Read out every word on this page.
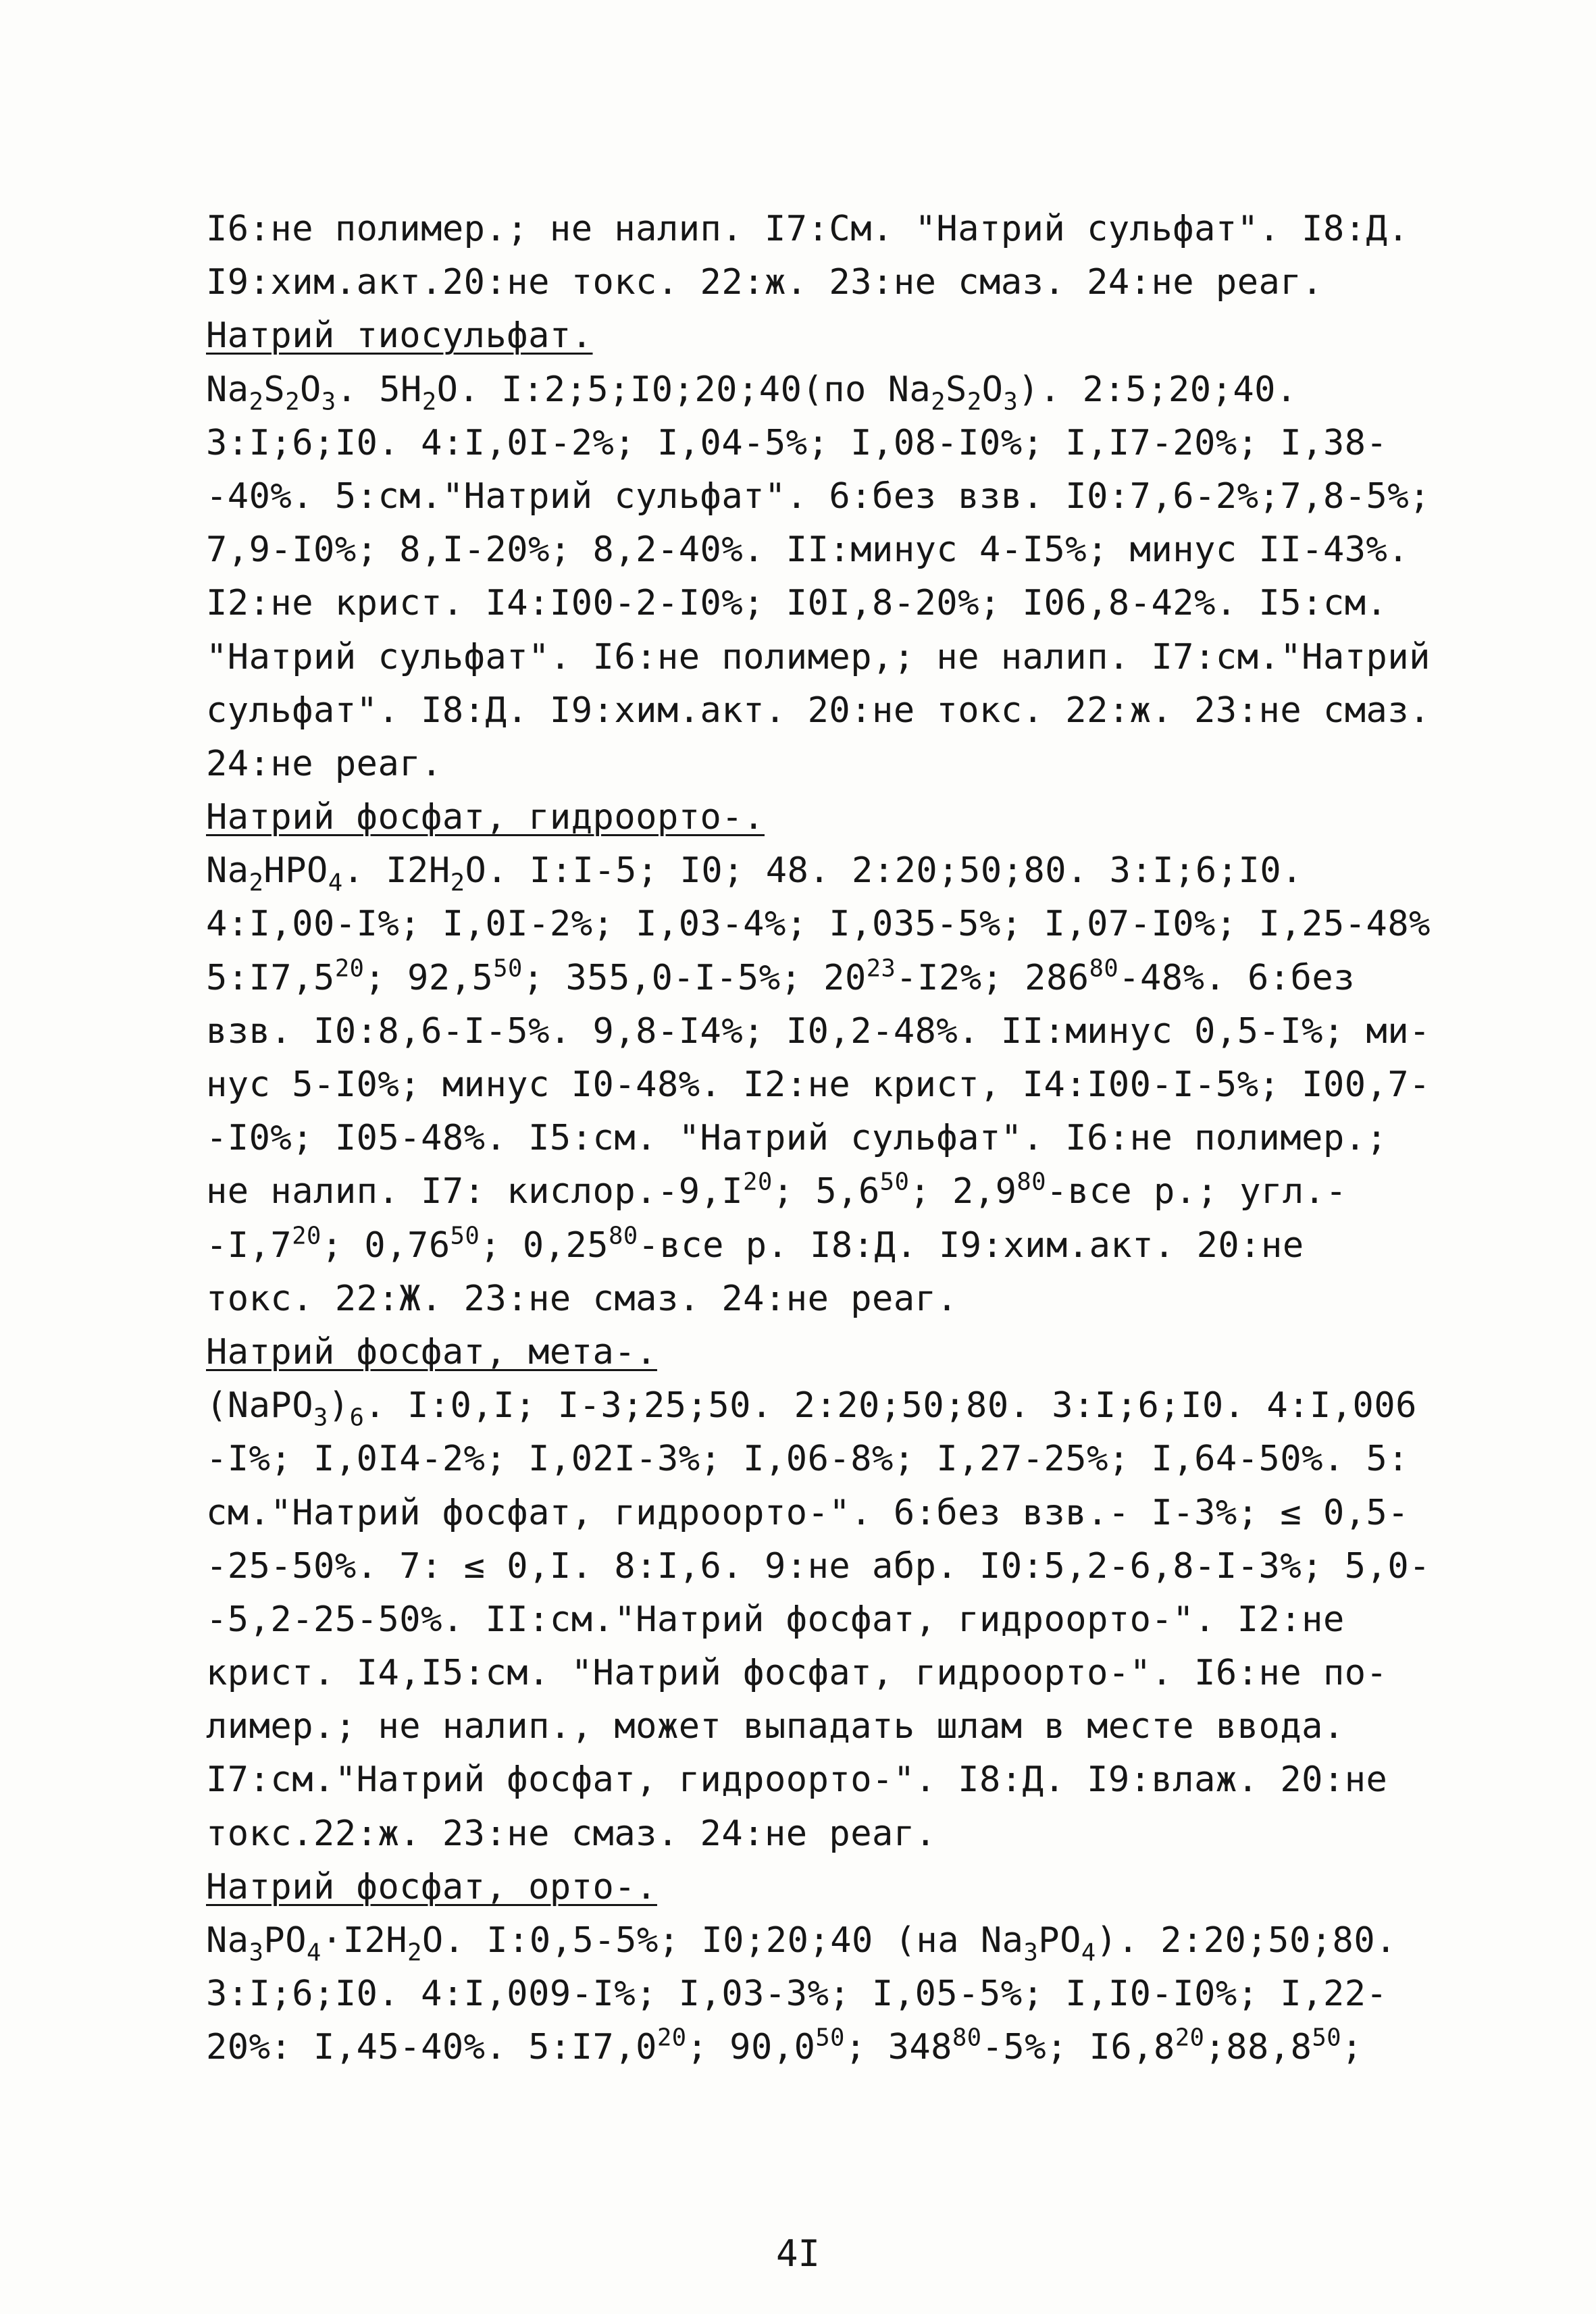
I6:не полимер.; не налип. I7:См. "Натрий сульфат". I8:Д.
I9:хим.акт.20:не токс. 22:ж. 23:не смаз. 24:не реаг.
Натрий тиосульфат.
$Na_2S_2O_3$. $5H_2O$. I:2;5;I0;20;40(по $Na_2S_2O_3$). 2:5;20;40.
3:I;6;I0. 4:I,0I-2%; I,04-5%; I,08-I0%; I,I7-20%; I,38-
-40%. 5:см."Натрий сульфат". 6:без взв. I0:7,6-2%;7,8-5%;
7,9-I0%; 8,I-20%; 8,2-40%. II:минус 4-I5%; минус II-43%.
I2:не крист. I4:I00-2-I0%; I0I,8-20%; I06,8-42%. I5:см.
"Натрий сульфат". I6:не полимер,; не налип. I7:см."Натрий
сульфат". I8:Д. I9:хим.акт. 20:не токс. 22:ж. 23:не смаз.
24:не реаг.
Натрий фосфат, гидроорто-.
$Na_2HPO_4$. $I2H_2O$. I:I-5; I0; 48. 2:20;50;80. 3:I;6;I0.
4:I,00-I%; I,0I-2%; I,03-4%; I,035-5%; I,07-I0%; I,25-48%
$5:I7,5^{20}$; 92,5$^{50}$; 355,0-I-5%; $20^{23}-I2\%$; $286^{80}-48\%$. 6:без
взв. I0:8,6-I-5%. 9,8-I4%; I0,2-48%. II:минус 0,5-I%; ми-
нус 5-I0%; минус I0-48%. I2:не крист, I4:I00-I-5%; I00,7-
-I0%; I05-48%. I5:см. "Натрий сульфат". I6:не полимер.;
не налип. I7: $кислор.-9,I^{20}$; $5,6^{50}$; $2,9^{80}$-все р.; угл.-
$-I,7^{20}$; 0,76$^{50}$; 0,25$^{80}$-все р. I8:Д. I9:хим.акт. 20:не
токс. 22:Ж. 23:не смаз. 24:не реаг.
Натрий фосфат, мета-.
$(NaPO_3)_6$. I:0,I; I-3;25;50. 2:20;50;80. 3:I;6;I0. 4:I,006
-I%; I,0I4-2%; I,02I-3%; I,06-8%; I,27-25%; I,64-50%. 5:
см."Натрий фосфат, гидроорто-". 6:без взв.- I-3%; ≤ 0,5-
-25-50%. 7: ≤ 0,I. 8:I,6. 9:не абр. I0:5,2-6,8-I-3%; 5,0-
-5,2-25-50%. II:см."Натрий фосфат, гидроорто-". I2:не
крист. I4,I5:см. "Натрий фосфат, гидроорто-". I6:не по-
лимер.; не налип., может выпадать шлам в месте ввода.
I7:см."Натрий фосфат, гидроорто-". I8:Д. I9:влаж. 20:не
токс.22:ж. 23:не смаз. 24:не реаг.
Натрий фосфат, орто-.
$Na_3PO_4\cdot I2H_2O$. I:0,5-5%; I0;20;40 (на $Na_3PO_4$). 2:20;50;80.
3:I;6;I0. 4:I,009-I%; I,03-3%; I,05-5%; I,I0-I0%; I,22-
20%: I,45-40%. $5:I7,0^{20}$; 90,0$^{50}$; $348^{80}-5\%$; $I6,8^{20};88,8^{50}$;
4I
